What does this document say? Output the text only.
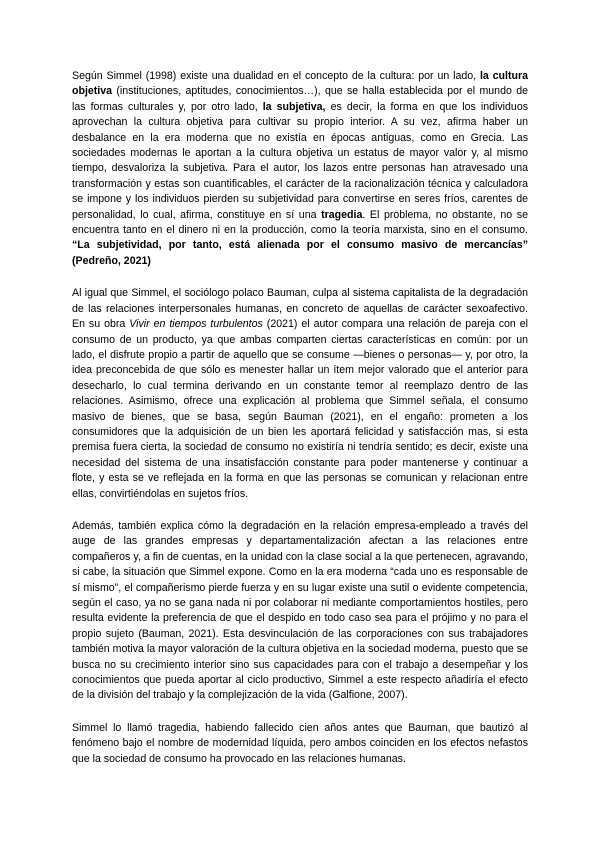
Según Simmel (1998) existe una dualidad en el concepto de la cultura: por un lado, la cultura objetiva (instituciones, aptitudes, conocimientos…), que se halla establecida por el mundo de las formas culturales y, por otro lado, la subjetiva, es decir, la forma en que los individuos aprovechan la cultura objetiva para cultivar su propio interior. A su vez, afirma haber un desbalance en la era moderna que no existía en épocas antiguas, como en Grecia. Las sociedades modernas le aportan a la cultura objetiva un estatus de mayor valor y, al mismo tiempo, desvaloriza la subjetiva. Para el autor, los lazos entre personas han atravesado una transformación y estas son cuantificables, el carácter de la racionalización técnica y calculadora se impone y los individuos pierden su subjetividad para convertirse en seres fríos, carentes de personalidad, lo cual, afirma, constituye en sí una tragedia. El problema, no obstante, no se encuentra tanto en el dinero ni en la producción, como la teoría marxista, sino en el consumo. “La subjetividad, por tanto, está alienada por el consumo masivo de mercancías” (Pedreño, 2021)

Al igual que Simmel, el sociólogo polaco Bauman, culpa al sistema capitalista de la degradación de las relaciones interpersonales humanas, en concreto de aquellas de carácter sexoafectivo. En su obra Vivir en tiempos turbulentos (2021) el autor compara una relación de pareja con el consumo de un producto, ya que ambas comparten ciertas características en común: por un lado, el disfrute propio a partir de aquello que se consume —bienes o personas— y, por otro, la idea preconcebida de que sólo es menester hallar un ítem mejor valorado que el anterior para desecharlo, lo cual termina derivando en un constante temor al reemplazo dentro de las relaciones. Asimismo, ofrece una explicación al problema que Simmel señala, el consumo masivo de bienes, que se basa, según Bauman (2021), en el engaño: prometen a los consumidores que la adquisición de un bien les aportará felicidad y satisfacción mas, si esta premisa fuera cierta, la sociedad de consumo no existiría ni tendría sentido; es decir, existe una necesidad del sistema de una insatisfacción constante para poder mantenerse y continuar a flote, y esta se ve reflejada en la forma en que las personas se comunican y relacionan entre ellas, convirtiéndolas en sujetos fríos.

Además, también explica cómo la degradación en la relación empresa-empleado a través del auge de las grandes empresas y departamentalización afectan a las relaciones entre compañeros y, a fin de cuentas, en la unidad con la clase social a la que pertenecen, agravando, si cabe, la situación que Simmel expone. Como en la era moderna “cada uno es responsable de sí mismo”, el compañerismo pierde fuerza y en su lugar existe una sutil o evidente competencia, según el caso, ya no se gana nada ni por colaborar ni mediante comportamientos hostiles, pero resulta evidente la preferencia de que el despido en todo caso sea para el prójimo y no para el propio sujeto (Bauman, 2021). Esta desvinculación de las corporaciones con sus trabajadores también motiva la mayor valoración de la cultura objetiva en la sociedad moderna, puesto que se busca no su crecimiento interior sino sus capacidades para con el trabajo a desempeñar y los conocimientos que pueda aportar al ciclo productivo, Simmel a este respecto añadiría el efecto de la división del trabajo y la complejización de la vida (Galfione, 2007).

Simmel lo llamó tragedia, habiendo fallecido cien años antes que Bauman, que bautizó al fenómeno bajo el nombre de modernidad líquida, pero ambos coinciden en los efectos nefastos que la sociedad de consumo ha provocado en las relaciones humanas.
